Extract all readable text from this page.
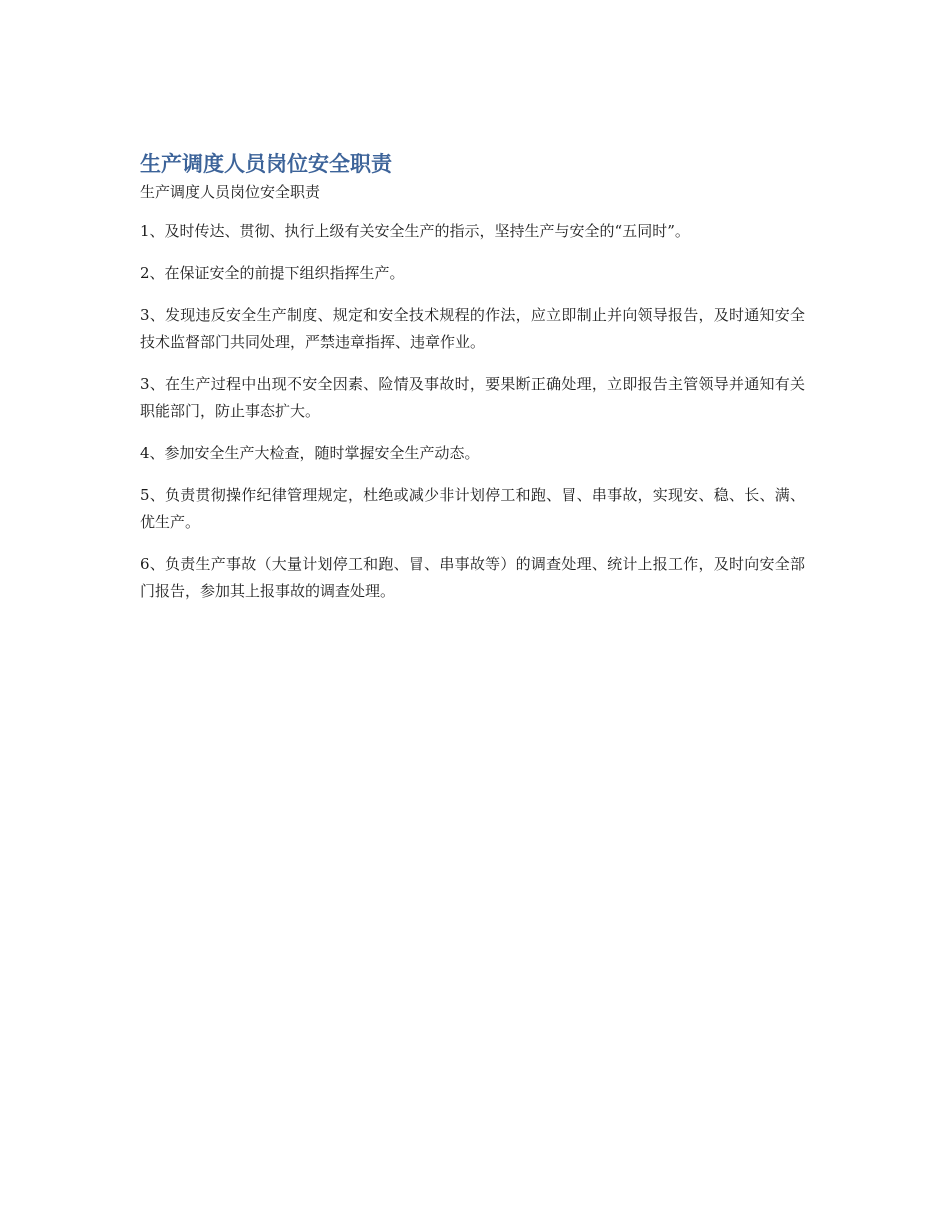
生产调度人员岗位安全职责

生产调度人员岗位安全职责

1、及时传达、贯彻、执行上级有关安全生产的指示，坚持生产与安全的“五同时”。

2、在保证安全的前提下组织指挥生产。

3、发现违反安全生产制度、规定和安全技术规程的作法，应立即制止并向领导报告，及时通知安全技术监督部门共同处理，严禁违章指挥、违章作业。

3、在生产过程中出现不安全因素、险情及事故时，要果断正确处理，立即报告主管领导并通知有关职能部门，防止事态扩大。

4、参加安全生产大检查，随时掌握安全生产动态。

5、负责贯彻操作纪律管理规定，杜绝或减少非计划停工和跑、冒、串事故，实现安、稳、长、满、优生产。

6、负责生产事故（大量计划停工和跑、冒、串事故等）的调查处理、统计上报工作，及时向安全部门报告，参加其上报事故的调查处理。
